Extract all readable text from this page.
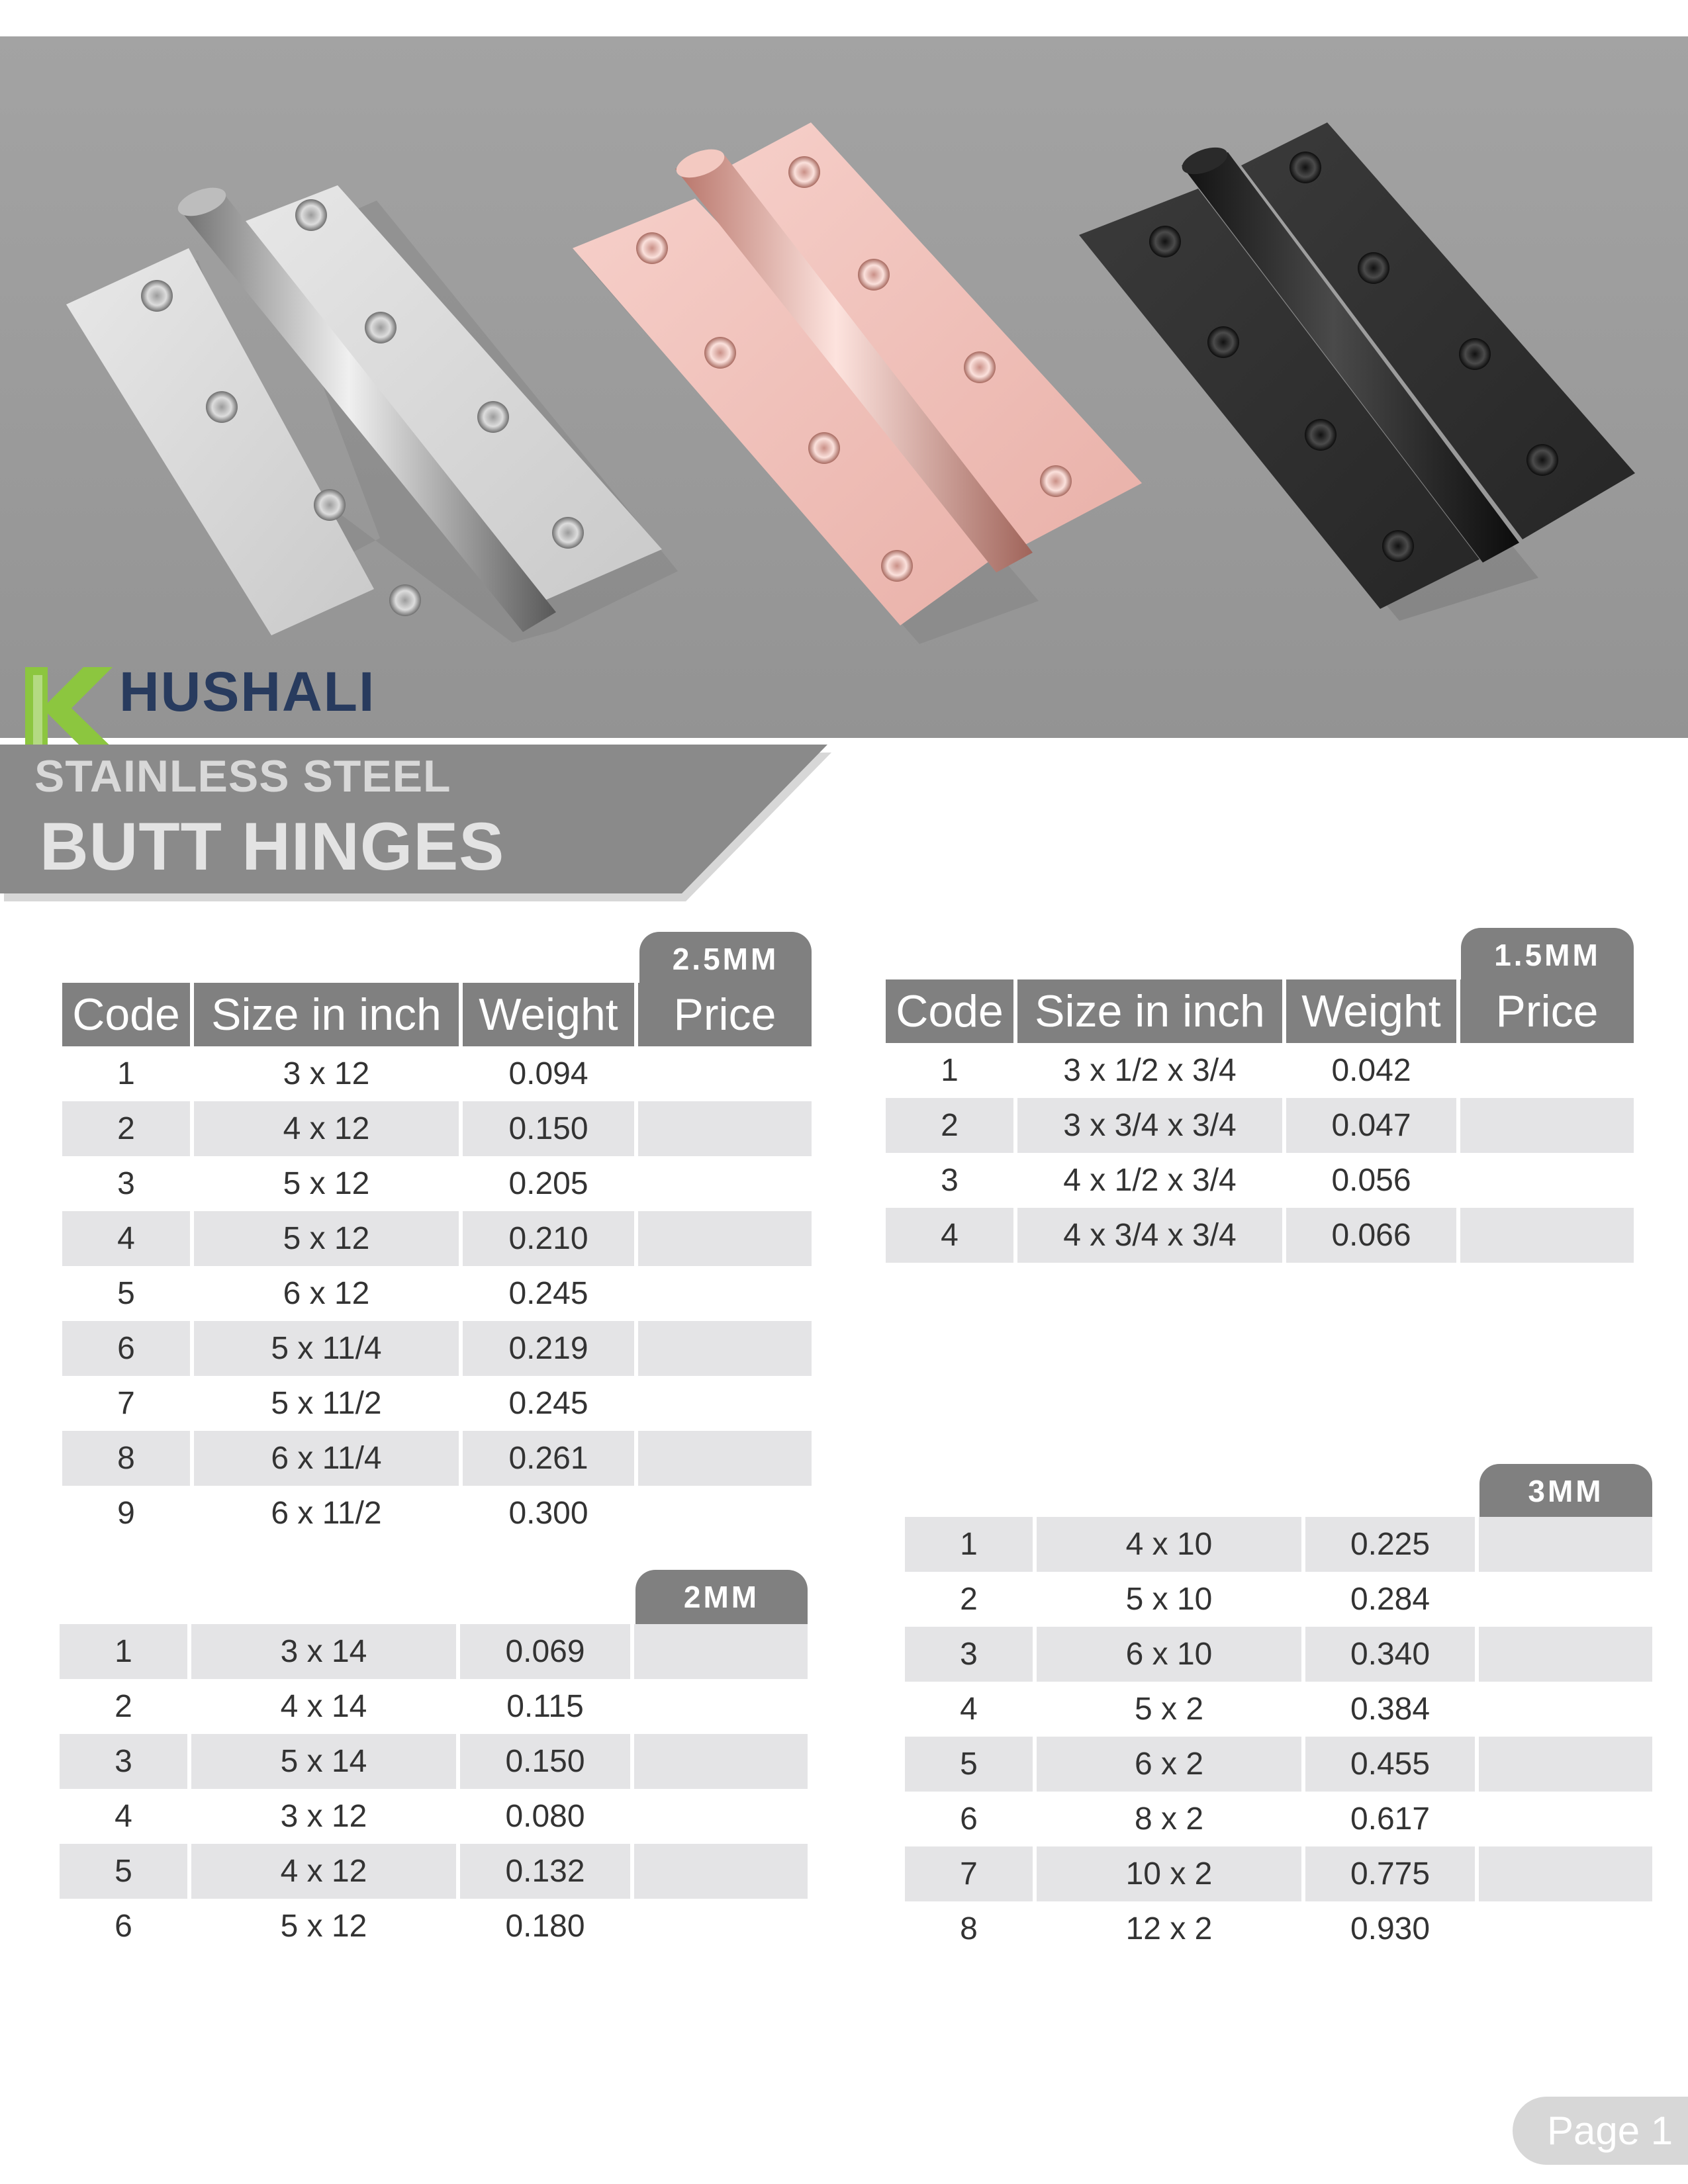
HUSHALI
STAINLESS STEEL
BUTT HINGES
2.5MM
Code	Size in inch	Weight	Price
1	3 x 12	0.094	
2	4 x 12	0.150	
3	5 x 12	0.205	
4	5 x 12	0.210	
5	6 x 12	0.245	
6	5 x 11/4	0.219	
7	5 x 11/2	0.245	
8	6 x 11/4	0.261	
9	6 x 11/2	0.300	
1.5MM
Code	Size in inch	Weight	Price
1	3 x 1/2 x 3/4	0.042	
2	3 x 3/4 x 3/4	0.047	
3	4 x 1/2 x 3/4	0.056	
4	4 x 3/4 x 3/4	0.066	
2MM
1	3 x 14	0.069	
2	4 x 14	0.115	
3	5 x 14	0.150	
4	3 x 12	0.080	
5	4 x 12	0.132	
6	5 x 12	0.180	
3MM
1	4 x 10	0.225	
2	5 x 10	0.284	
3	6 x 10	0.340	
4	5 x 2	0.384	
5	6 x 2	0.455	
6	8 x 2	0.617	
7	10 x 2	0.775	
8	12 x 2	0.930	
Page 1
